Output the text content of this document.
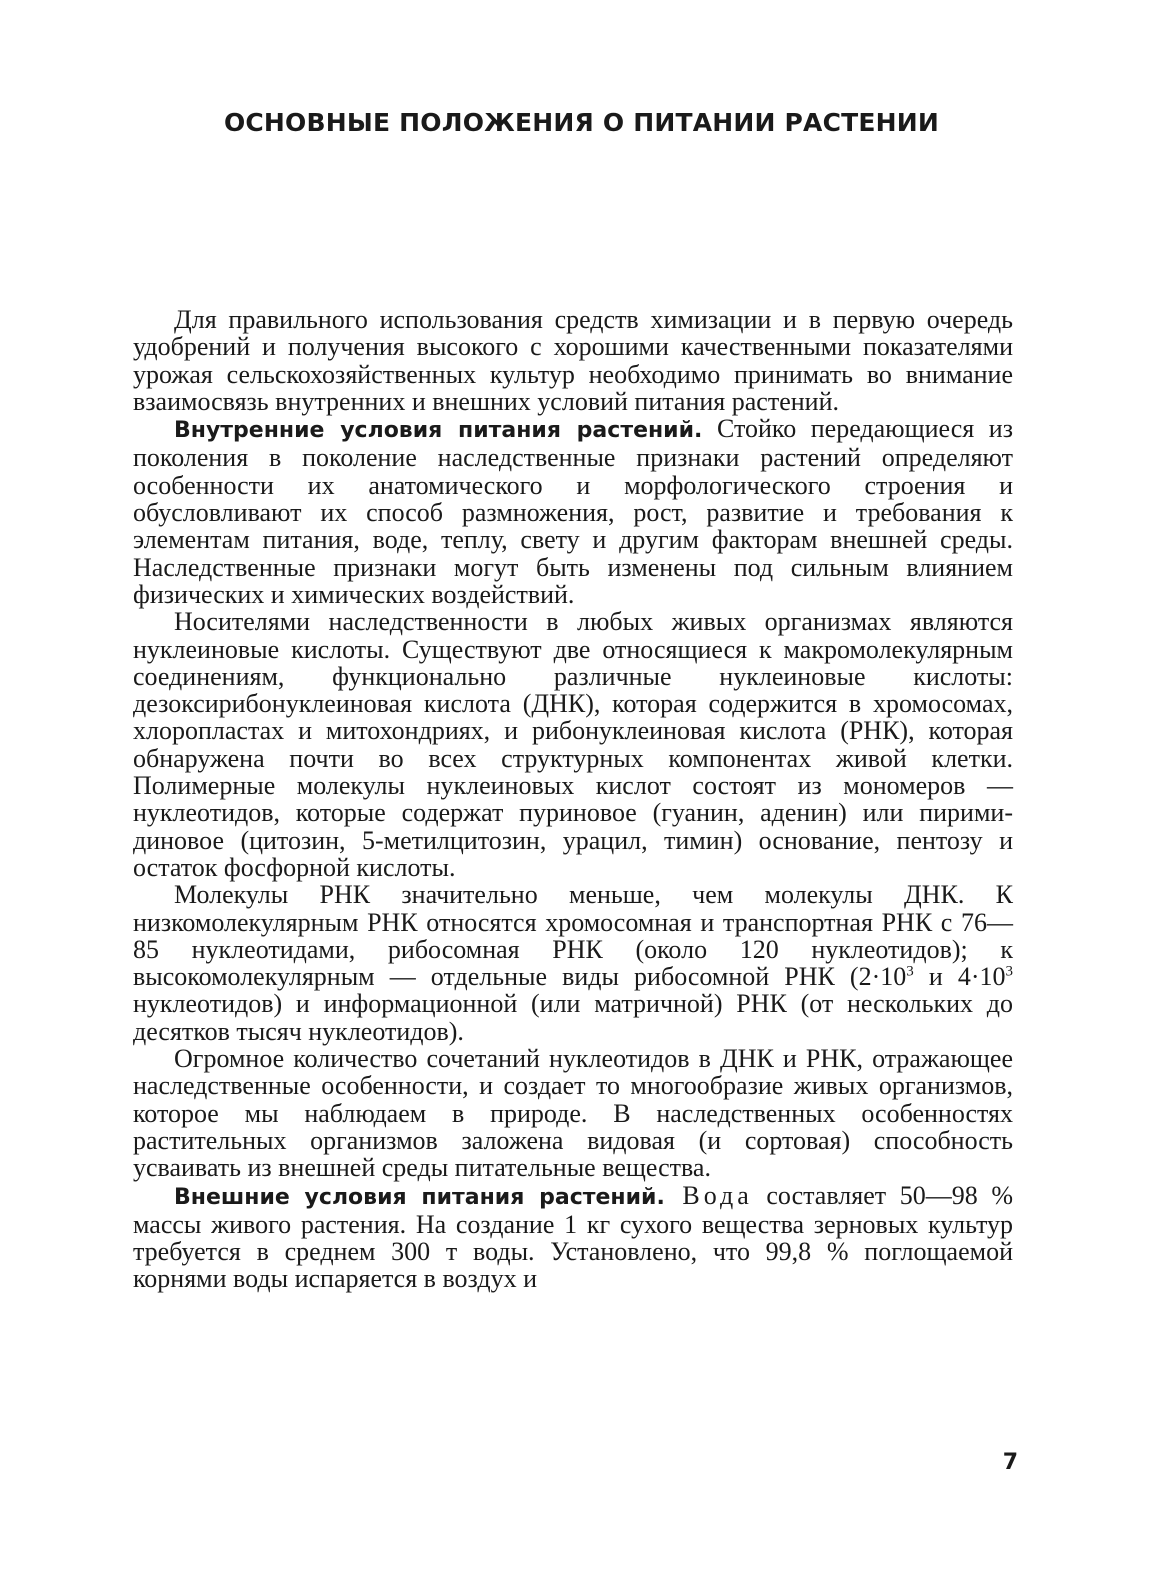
ОСНОВНЫЕ ПОЛОЖЕНИЯ О ПИТАНИИ РАСТЕНИИ

Для правильного использования средств химизации и в первую очередь удобрений и получения высокого с хорошими качественными показателями урожая сельскохозяйственных культур необходимо принимать во внимание взаимосвязь внутренних и внешних условий питания растений.

Внутренние условия питания растений. Стойко передающиеся из поколения в поколение наследственные признаки растений определяют особенности их анатомического и морфологического строения и обусловливают их способ размножения, рост, развитие и требования к элементам питания, воде, теплу, свету и другим факторам внешней среды. Наследственные признаки могут быть изменены под сильным влиянием физических и химических воздействий.

Носителями наследственности в любых живых организмах являются нуклеиновые кислоты. Существуют две относящиеся к макромолекулярным соединениям, функционально различные нуклеиновые кислоты: дезоксирибонуклеиновая кислота (ДНК), которая содержится в хромосомах, хлоропластах и митохондриях, и рибонуклеиновая кислота (РНК), которая обнаружена почти во всех структурных компонентах живой клетки. Полимерные молекулы нуклеиновых кислот состоят из мономеров — нуклеотидов, которые содержат пуриновое (гуанин, аденин) или пиримидиновое (цитозин, 5-метилцитозин, урацил, тимин) основание, пентозу и остаток фосфорной кислоты.

Молекулы РНК значительно меньше, чем молекулы ДНК. К низкомолекулярным РНК относятся хромосомная и транспортная РНК с 76—85 нуклеотидами, рибосомная РНК (около 120 нуклеотидов); к высокомолекулярным — отдельные виды рибосомной РНК ($2\cdot 10^3$ и $4\cdot 10^3$ нуклеотидов) и информационной (или матричной) РНК (от нескольких до десятков тысяч нуклеотидов).

Огромное количество сочетаний нуклеотидов в ДНК и РНК, отражающее наследственные особенности, и создает то многообразие живых организмов, которое мы наблюдаем в природе. В наследственных особенностях растительных организмов заложена видовая (и сортовая) способность усваивать из внешней среды питательные вещества.

Внешние условия питания растений. Вода составляет 50—98 % массы живого растения. На создание 1 кг сухого вещества зерновых культур требуется в среднем 300 т воды. Установлено, что 99,8 % поглощаемой корнями воды испаряется в воздух и

7
